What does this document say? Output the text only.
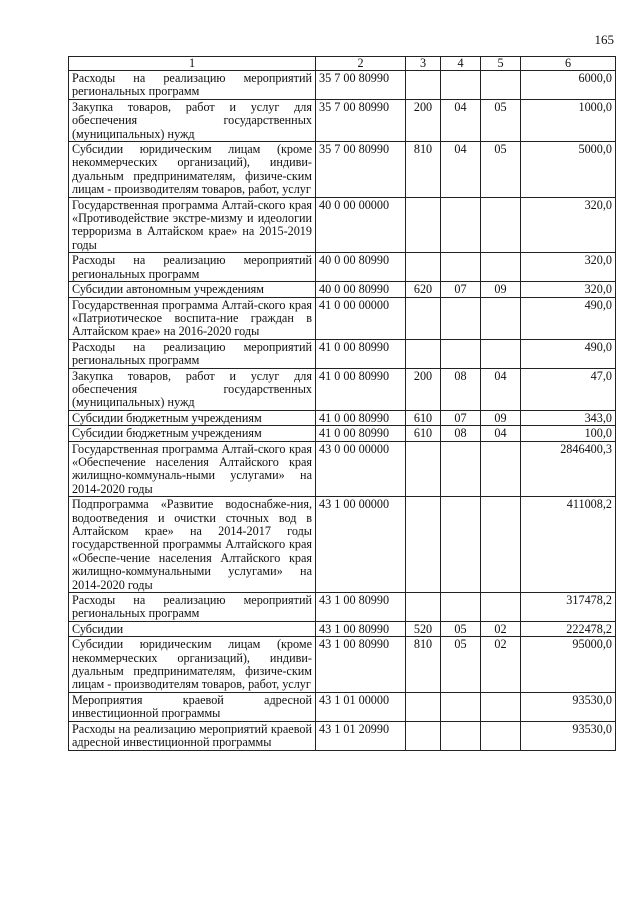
165
1	2	3	4	5	6
Расходы на реализацию мероприятий региональных программ	35 7 00 80990				6000,0
Закупка товаров, работ и услуг для обеспечения государственных (муниципальных) нужд	35 7 00 80990	200	04	05	1000,0
Субсидии юридическим лицам (кроме некоммерческих организаций), индиви-дуальным предпринимателям, физиче-ским лицам - производителям товаров, работ, услуг	35 7 00 80990	810	04	05	5000,0
Государственная программа Алтай-ского края «Противодействие экстре-мизму и идеологии терроризма в Алтайском крае» на 2015-2019 годы	40 0 00 00000				320,0
Расходы на реализацию мероприятий региональных программ	40 0 00 80990				320,0
Субсидии автономным учреждениям	40 0 00 80990	620	07	09	320,0
Государственная программа Алтай-ского края «Патриотическое воспита-ние граждан в Алтайском крае» на 2016-2020 годы	41 0 00 00000				490,0
Расходы на реализацию мероприятий региональных программ	41 0 00 80990				490,0
Закупка товаров, работ и услуг для обеспечения государственных (муниципальных) нужд	41 0 00 80990	200	08	04	47,0
Субсидии бюджетным учреждениям	41 0 00 80990	610	07	09	343,0
Субсидии бюджетным учреждениям	41 0 00 80990	610	08	04	100,0
Государственная программа Алтай-ского края «Обеспечение населения Алтайского края жилищно-коммуналь-ными услугами» на 2014-2020 годы	43 0 00 00000				2846400,3
Подпрограмма «Развитие водоснабже-ния, водоотведения и очистки сточных вод в Алтайском крае» на 2014-2017 годы государственной программы Алтайского края «Обеспе-чение населения Алтайского края жилищно-коммунальными услугами» на 2014-2020 годы	43 1 00 00000				411008,2
Расходы на реализацию мероприятий региональных программ	43 1 00 80990				317478,2
Субсидии	43 1 00 80990	520	05	02	222478,2
Субсидии юридическим лицам (кроме некоммерческих организаций), индиви-дуальным предпринимателям, физиче-ским лицам - производителям товаров, работ, услуг	43 1 00 80990	810	05	02	95000,0
Мероприятия краевой адресной инвестиционной программы	43 1 01 00000				93530,0
Расходы на реализацию мероприятий краевой адресной инвестиционной программы	43 1 01 20990				93530,0
